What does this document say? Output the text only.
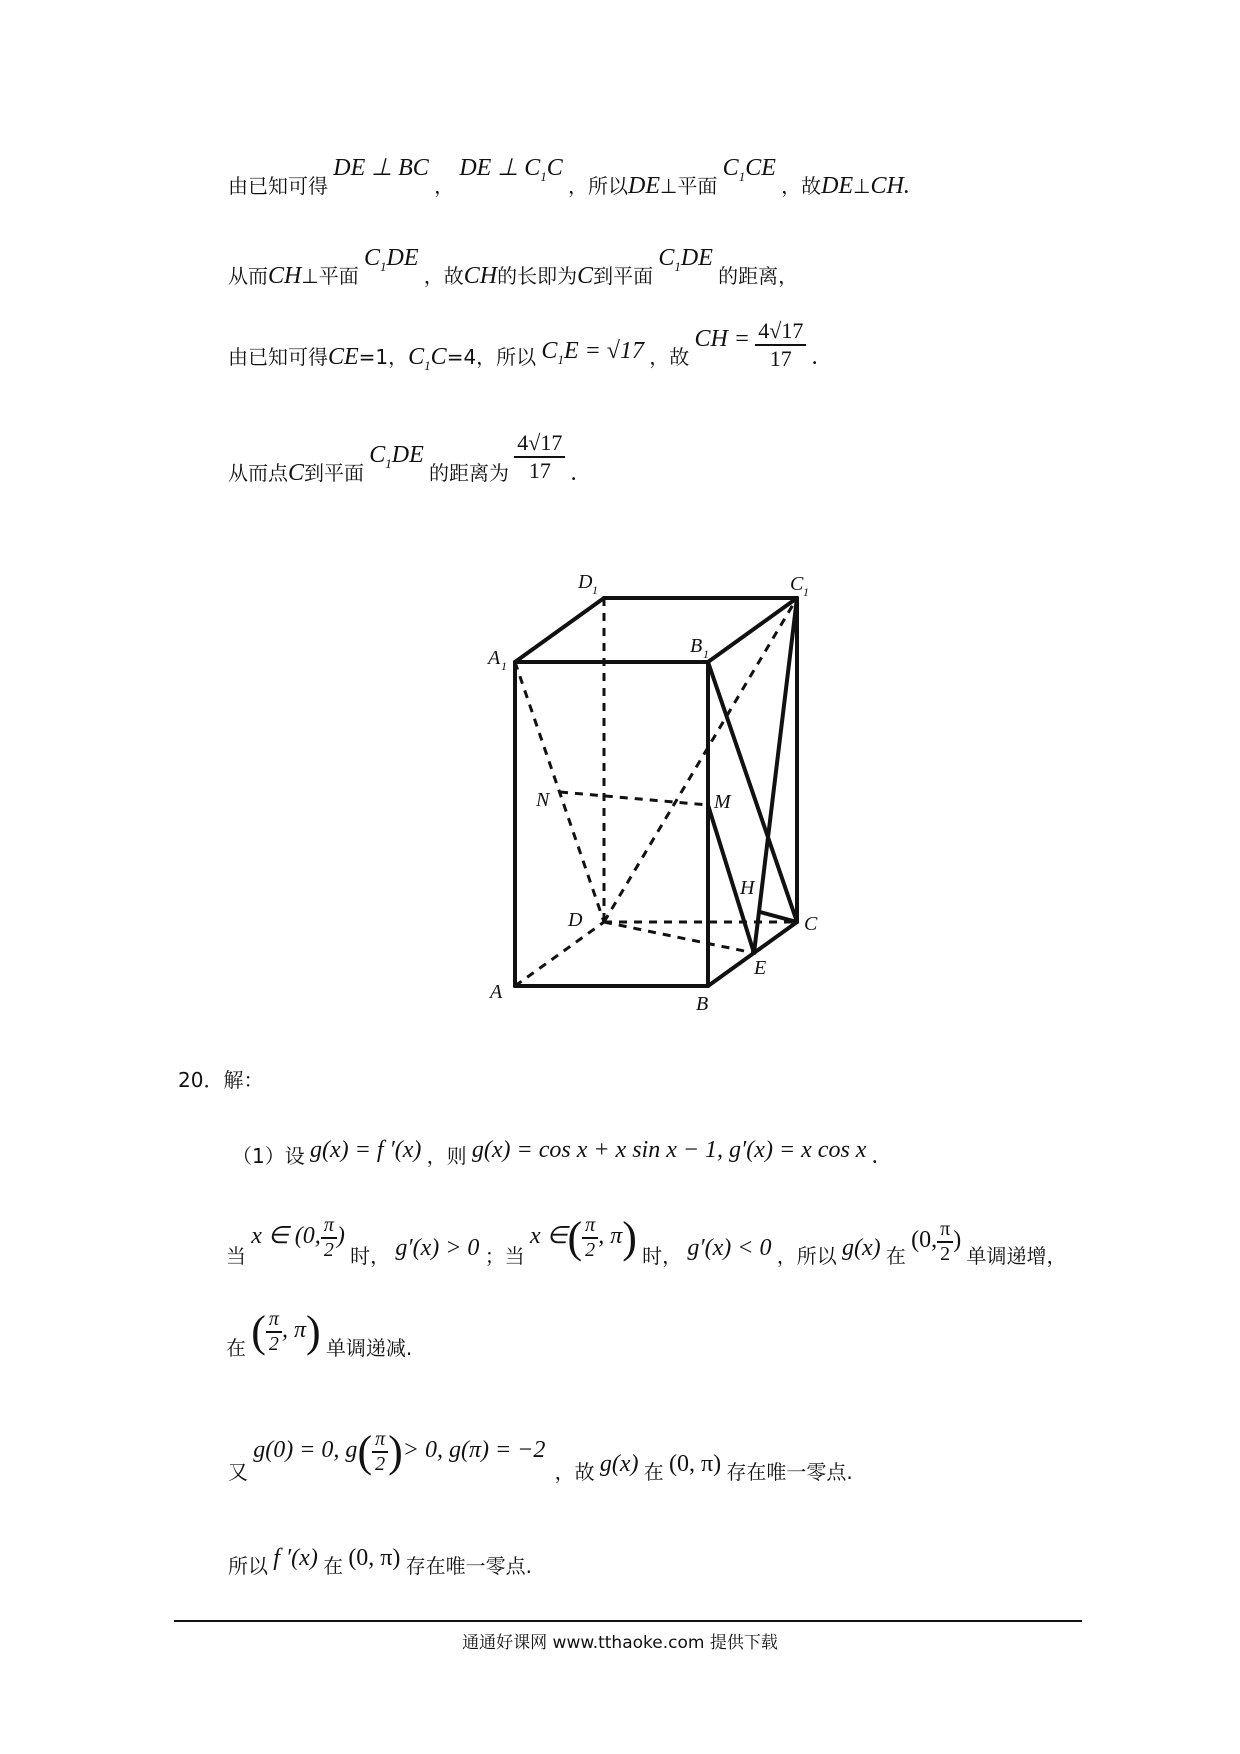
由已知可得 DE ⊥ BC ， DE ⊥ $C_1C$ ，所以DE⊥平面 $C_1CE$ ，故DE⊥CH.
从而CH⊥平面 $C_1DE$ ，故CH的长即为C到平面 $C_1DE$ 的距离，
由已知可得CE=1，$C_1C=4$，所以 $C_1E = √17$ ，故 CH = $\frac{4√17}{17}$ .
从而点C到平面 $C_1DE$ 的距离为 $\frac{4√17}{17}$ .
A
B
C
D
E
H
M
N
A 1
B 1
C 1
D 1
20．解：
（1）设 g(x) = f ′(x) ，则 g(x) = cos x + x sin x − 1, g′(x) = x cos x .
当 x ∈ (0, $\frac{\pi}{2}$ ) 时， g′(x) > 0 ；当 x ∈( $\frac{\pi}{2}$ , π) 时， g′(x) < 0 ，所以 g(x) 在 (0, $\frac{\pi}{2}$ ) 单调递增，
在 ( $\frac{\pi}{2}$ , π) 单调递减.
又 g(0) = 0, $g( \frac{\pi}{2}$ )> 0, g(π) = −2 ，故 g(x) 在 (0, π) 存在唯一零点.
所以 f ′(x) 在 (0, π) 存在唯一零点.
通通好课网 www.tthaoke.com 提供下载
